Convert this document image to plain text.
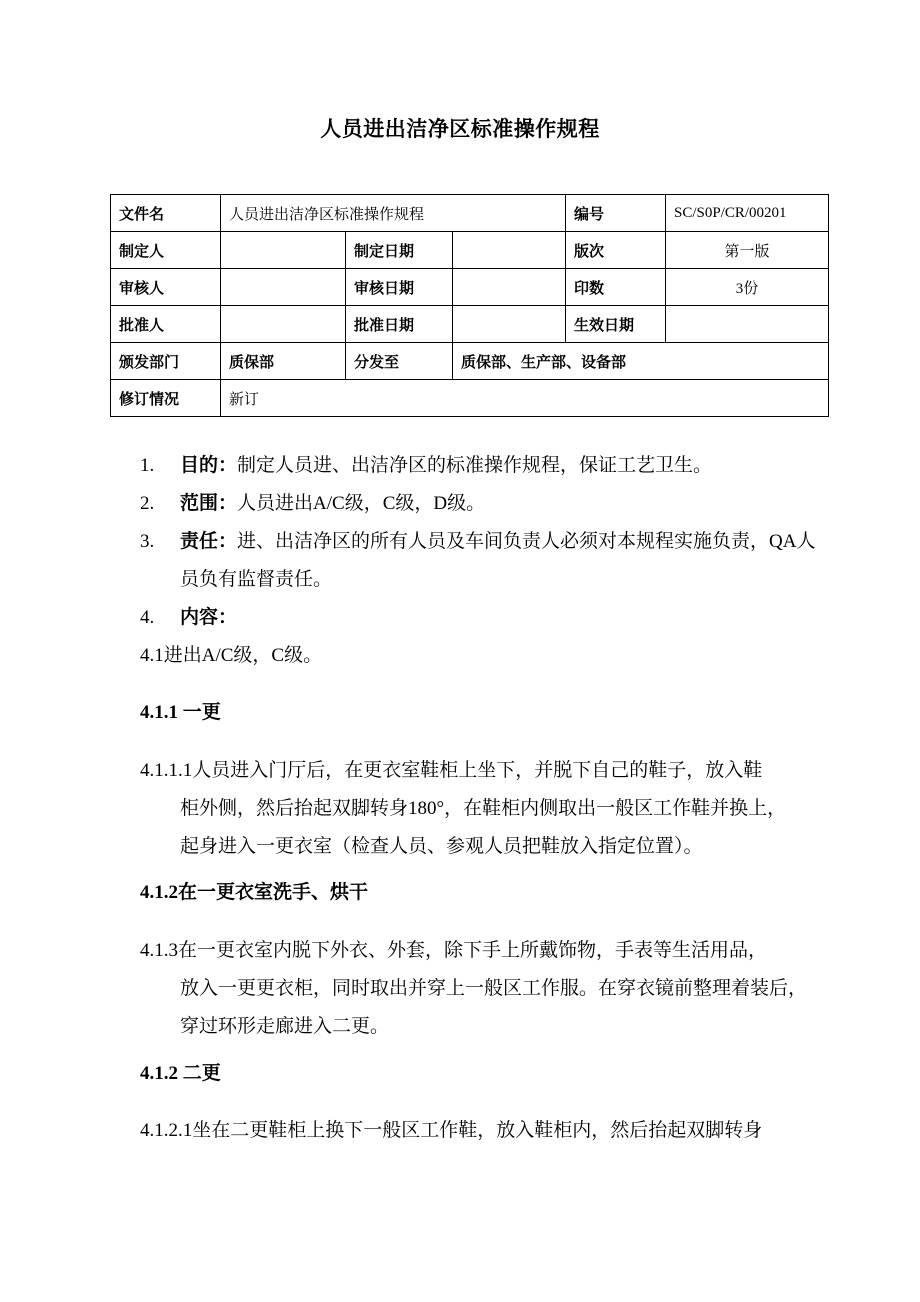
人员进出洁净区标准操作规程
文件名	人员进出洁净区标准操作规程			编号	SC/S0P/CR/00201
制定人		制定日期		版次	第一版
审核人		审核日期		印数	3份
批准人		批准日期		生效日期	
颁发部门	质保部	分发至	质保部、生产部、设备部		
修订情况	新订				
1.	目的：制定人员进、出洁净区的标准操作规程，保证工艺卫生。
2.	范围：人员进出A/C级，C级，D级。
3.	责任：进、出洁净区的所有人员及车间负责人必须对本规程实施负责，QA人
员负有监督责任。
4.	内容：
4.1进出A/C级，C级。
4.1.1 一更
4.1.1.1人员进入门厅后，在更衣室鞋柜上坐下，并脱下自己的鞋子，放入鞋
柜外侧，然后抬起双脚转身180°，在鞋柜内侧取出一般区工作鞋并换上，
起身进入一更衣室（检查人员、参观人员把鞋放入指定位置）。
4.1.2在一更衣室洗手、烘干
4.1.3在一更衣室内脱下外衣、外套，除下手上所戴饰物，手表等生活用品，
放入一更更衣柜，同时取出并穿上一般区工作服。在穿衣镜前整理着装后，
穿过环形走廊进入二更。
4.1.2 二更
4.1.2.1坐在二更鞋柜上换下一般区工作鞋，放入鞋柜内，然后抬起双脚转身
